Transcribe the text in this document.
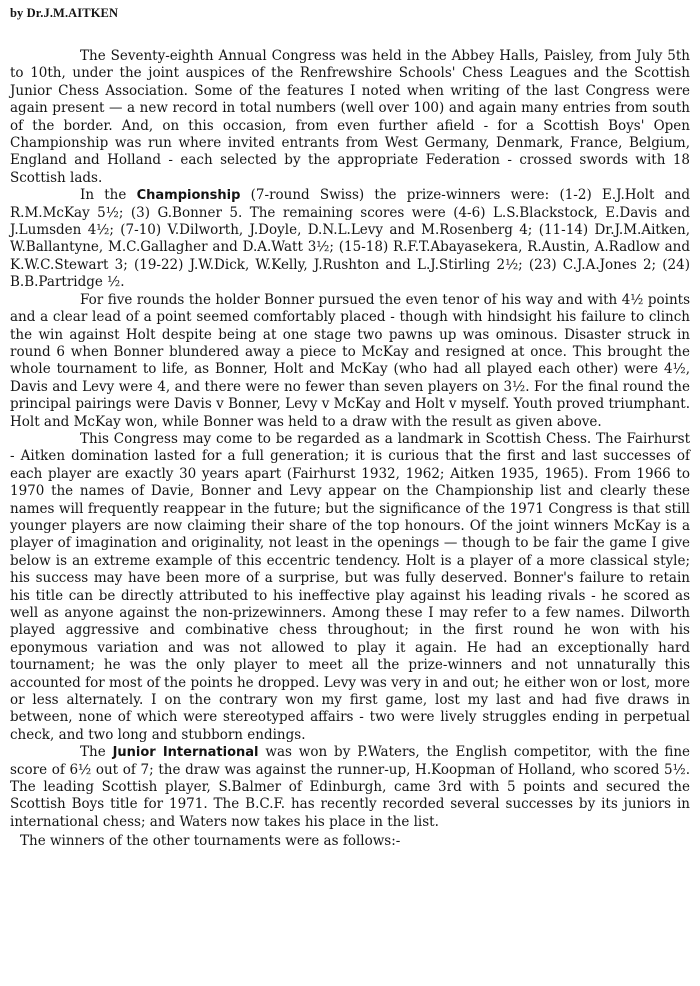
by Dr.J.M.AITKEN

The Seventy-eighth Annual Congress was held in the Abbey Halls, Paisley, from July 5th to 10th, under the joint auspices of the Renfrewshire Schools' Chess Leagues and the Scottish Junior Chess Association. Some of the features I noted when writing of the last Congress were again present — a new record in total numbers (well over 100) and again many entries from south of the border. And, on this occasion, from even further afield - for a Scottish Boys' Open Championship was run where invited entrants from West Germany, Denmark, France, Belgium, England and Holland - each selected by the appropriate Federation - crossed swords with 18 Scottish lads.

In the Championship (7-round Swiss) the prize-winners were: (1-2) E.J.Holt and R.M.McKay 5½; (3) G.Bonner 5. The remaining scores were (4-6) L.S.Blackstock, E.Davis and J.Lumsden 4½; (7-10) V.Dilworth, J.Doyle, D.N.L.Levy and M.Rosenberg 4; (11-14) Dr.J.M.Aitken, W.Ballantyne, M.C.Gallagher and D.A.Watt 3½; (15-18) R.F.T.Abayasekera, R.Austin, A.Radlow and K.W.C.Stewart 3; (19-22) J.W.Dick, W.Kelly, J.Rushton and L.J.Stirling 2½; (23) C.J.A.Jones 2; (24) B.B.Partridge ½.

For five rounds the holder Bonner pursued the even tenor of his way and with 4½ points and a clear lead of a point seemed comfortably placed - though with hindsight his failure to clinch the win against Holt despite being at one stage two pawns up was ominous. Disaster struck in round 6 when Bonner blundered away a piece to McKay and resigned at once. This brought the whole tournament to life, as Bonner, Holt and McKay (who had all played each other) were 4½, Davis and Levy were 4, and there were no fewer than seven players on 3½. For the final round the principal pairings were Davis v Bonner, Levy v McKay and Holt v myself. Youth proved triumphant. Holt and McKay won, while Bonner was held to a draw with the result as given above.

This Congress may come to be regarded as a landmark in Scottish Chess. The Fairhurst - Aitken domination lasted for a full generation; it is curious that the first and last successes of each player are exactly 30 years apart (Fairhurst 1932, 1962; Aitken 1935, 1965). From 1966 to 1970 the names of Davie, Bonner and Levy appear on the Championship list and clearly these names will frequently reappear in the future; but the significance of the 1971 Congress is that still younger players are now claiming their share of the top honours. Of the joint winners McKay is a player of imagination and originality, not least in the openings — though to be fair the game I give below is an extreme example of this eccentric tendency. Holt is a player of a more classical style; his success may have been more of a surprise, but was fully deserved. Bonner's failure to retain his title can be directly attributed to his ineffective play against his leading rivals - he scored as well as anyone against the non-prizewinners. Among these I may refer to a few names. Dilworth played aggressive and combinative chess throughout; in the first round he won with his eponymous variation and was not allowed to play it again. He had an exceptionally hard tournament; he was the only player to meet all the prize-winners and not unnaturally this accounted for most of the points he dropped. Levy was very in and out; he either won or lost, more or less alternately. I on the contrary won my first game, lost my last and had five draws in between, none of which were stereotyped affairs - two were lively struggles ending in perpetual check, and two long and stubborn endings.

The Junior International was won by P.Waters, the English competitor, with the fine score of 6½ out of 7; the draw was against the runner-up, H.Koopman of Holland, who scored 5½. The leading Scottish player, S.Balmer of Edinburgh, came 3rd with 5 points and secured the Scottish Boys title for 1971. The B.C.F. has recently recorded several successes by its juniors in international chess; and Waters now takes his place in the list.

The winners of the other tournaments were as follows:-
